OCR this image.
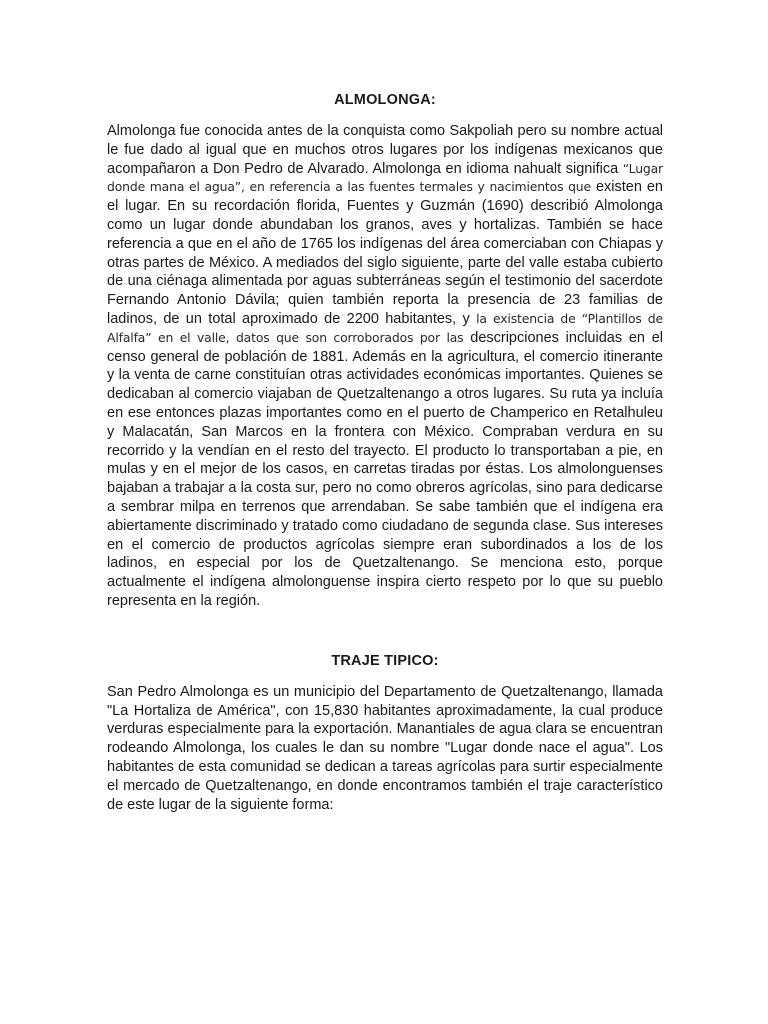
ALMOLONGA:

Almolonga fue conocida antes de la conquista como Sakpoliah pero su nombre actual le fue dado al igual que en muchos otros lugares por los indígenas mexicanos que acompañaron a Don Pedro de Alvarado. Almolonga en idioma nahualt significa “Lugar donde mana el agua”, en referencia a las fuentes termales y nacimientos que existen en el lugar. En su recordación florida, Fuentes y Guzmán (1690) describió Almolonga como un lugar donde abundaban los granos, aves y hortalizas. También se hace referencia a que en el año de 1765 los indígenas del área comerciaban con Chiapas y otras partes de México. A mediados del siglo siguiente, parte del valle estaba cubierto de una ciénaga alimentada por aguas subterráneas según el testimonio del sacerdote Fernando Antonio Dávila; quien también reporta la presencia de 23 familias de ladinos, de un total aproximado de 2200 habitantes, y la existencia de “Plantillos de Alfalfa” en el valle, datos que son corroborados por las descripciones incluidas en el censo general de población de 1881. Además en la agricultura, el comercio itinerante y la venta de carne constituían otras actividades económicas importantes. Quienes se dedicaban al comercio viajaban de Quetzaltenango a otros lugares. Su ruta ya incluía en ese entonces plazas importantes como en el puerto de Champerico en Retalhuleu y Malacatán, San Marcos en la frontera con México. Compraban verdura en su recorrido y la vendían en el resto del trayecto. El producto lo transportaban a pie, en mulas y en el mejor de los casos, en carretas tiradas por éstas. Los almolonguenses bajaban a trabajar a la costa sur, pero no como obreros agrícolas, sino para dedicarse a sembrar milpa en terrenos que arrendaban. Se sabe también que el indígena era abiertamente discriminado y tratado como ciudadano de segunda clase. Sus intereses en el comercio de productos agrícolas siempre eran subordinados a los de los ladinos, en especial por los de Quetzaltenango. Se menciona esto, porque actualmente el indígena almolonguense inspira cierto respeto por lo que su pueblo representa en la región.

TRAJE TIPICO:

San Pedro Almolonga es un municipio del Departamento de Quetzaltenango, llamada "La Hortaliza de América", con 15,830 habitantes aproximadamente, la cual produce verduras especialmente para la exportación. Manantiales de agua clara se encuentran rodeando Almolonga, los cuales le dan su nombre "Lugar donde nace el agua". Los habitantes de esta comunidad se dedican a tareas agrícolas para surtir especialmente el mercado de Quetzaltenango, en donde encontramos también el traje característico de este lugar de la siguiente forma:
